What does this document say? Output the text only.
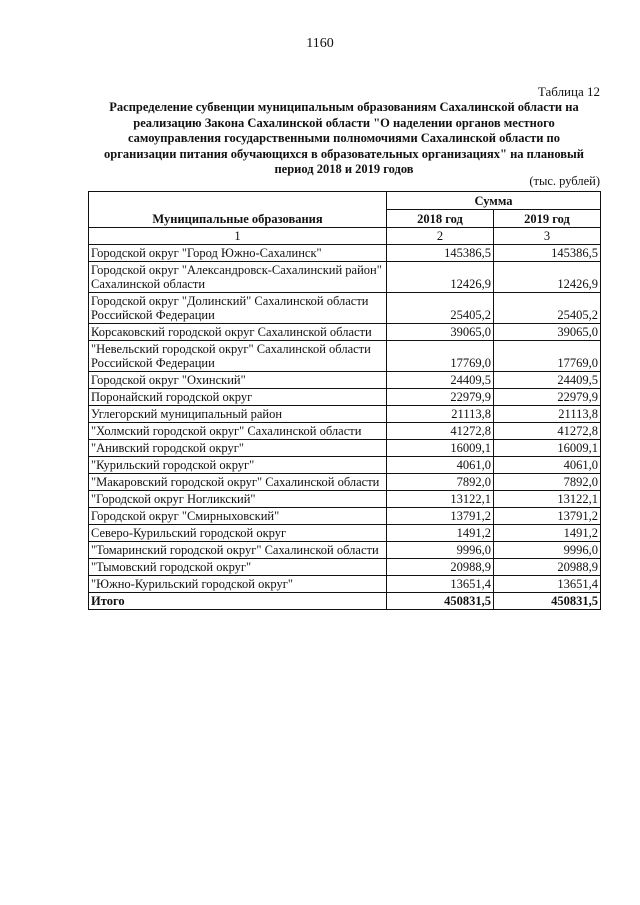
1160
Таблица 12
Распределение субвенции муниципальным образованиям Сахалинской области на
реализацию Закона Сахалинской области "О наделении органов местного
самоуправления государственными полномочиями Сахалинской области по
организации питания обучающихся в образовательных организациях" на плановый
период 2018 и 2019 годов
(тыс. рублей)
Муниципальные образования	Сумма	
	2018 год	2019 год
1	2	3
Городской округ "Город Южно-Сахалинск"	145386,5	145386,5
Городской округ "Александровск-Сахалинский район" Сахалинской области	12426,9	12426,9
Городской округ "Долинский" Сахалинской области Российской Федерации	25405,2	25405,2
Корсаковский городской округ Сахалинской области	39065,0	39065,0
"Невельский городской округ" Сахалинской области Российской Федерации	17769,0	17769,0
Городской округ "Охинский"	24409,5	24409,5
Поронайский городской округ	22979,9	22979,9
Углегорский муниципальный район	21113,8	21113,8
"Холмский городской округ" Сахалинской области	41272,8	41272,8
"Анивский городской округ"	16009,1	16009,1
"Курильский городской округ"	4061,0	4061,0
"Макаровский городской округ" Сахалинской области	7892,0	7892,0
"Городской округ Ногликский"	13122,1	13122,1
Городской округ "Смирныховский"	13791,2	13791,2
Северо-Курильский городской округ	1491,2	1491,2
"Томаринский городской округ" Сахалинской области	9996,0	9996,0
"Тымовский городской округ"	20988,9	20988,9
"Южно-Курильский городской округ"	13651,4	13651,4
Итого	450831,5	450831,5
